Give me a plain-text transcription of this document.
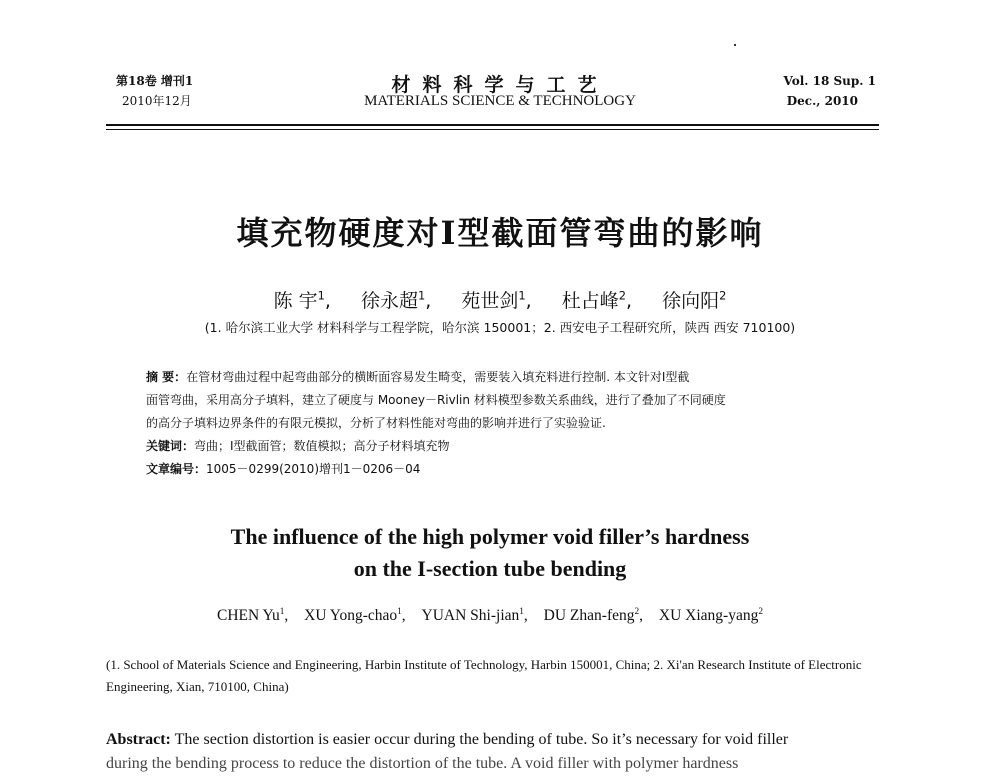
第18卷 增刊1
2010年12月
材料科学与工艺
MATERIALS SCIENCE & TECHNOLOGY
Vol. 18 Sup. 1
Dec., 2010
填充物硬度对I型截面管弯曲的影响
陈 宇$^1$, 徐永超$^1$, 苑世剑$^1$, 杜占峰$^2$, 徐向阳$^2$
(1. 哈尔滨工业大学 材料科学与工程学院，哈尔滨 150001；2. 西安电子工程研究所，陕西 西安 710100)

摘 要：在管材弯曲过程中起弯曲部分的横断面容易发生畸变，需要装入填充料进行控制. 本文针对I型截

面管弯曲，采用高分子填料，建立了硬度与 Mooney－Rivlin 材料模型参数关系曲线，进行了叠加了不同硬度

的高分子填料边界条件的有限元模拟，分析了材料性能对弯曲的影响并进行了实验验证.

关键词：弯曲；I型截面管；数值模拟；高分子材料填充物

文章编号：1005－0299(2010)增刊1－0206－04

The influence of the high polymer void filler’s hardness
on the I-section tube bending
CHEN Yu$^1$, XU Yong-chao$^1$, YUAN Shi-jian$^1$, DU Zhan-feng$^2$, XU Xiang-yang$^2$
(1. School of Materials Science and Engineering, Harbin Institute of Technology, Harbin 150001, China; 2. Xi'an Research Institute of Electronic Engineering, Xian, 710100, China)
Abstract: The section distortion is easier occur during the bending of tube. So it’s necessary for void filler
during the bending process to reduce the distortion of the tube. A void filler with polymer hardness
